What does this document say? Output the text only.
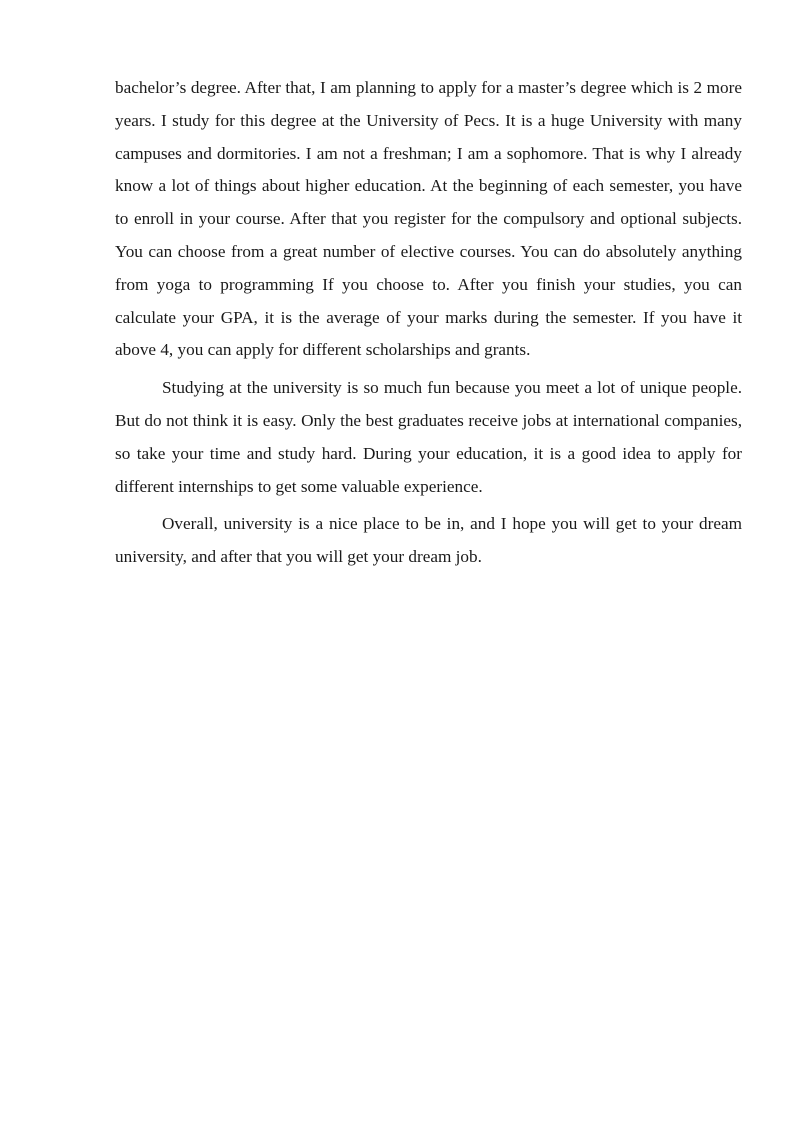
bachelor’s degree. After that, I am planning to apply for a master’s degree which is 2 more years. I study for this degree at the University of Pecs. It is a huge University with many campuses and dormitories. I am not a freshman; I am a sophomore. That is why I already know a lot of things about higher education. At the beginning of each semester, you have to enroll in your course. After that you register for the compulsory and optional subjects. You can choose from a great number of elective courses. You can do absolutely anything from yoga to programming If you choose to. After you finish your studies, you can calculate your GPA, it is the average of your marks during the semester. If you have it above 4, you can apply for different scholarships and grants.

Studying at the university is so much fun because you meet a lot of unique people. But do not think it is easy. Only the best graduates receive jobs at international companies, so take your time and study hard. During your education, it is a good idea to apply for different internships to get some valuable experience.

Overall, university is a nice place to be in, and I hope you will get to your dream university, and after that you will get your dream job.
